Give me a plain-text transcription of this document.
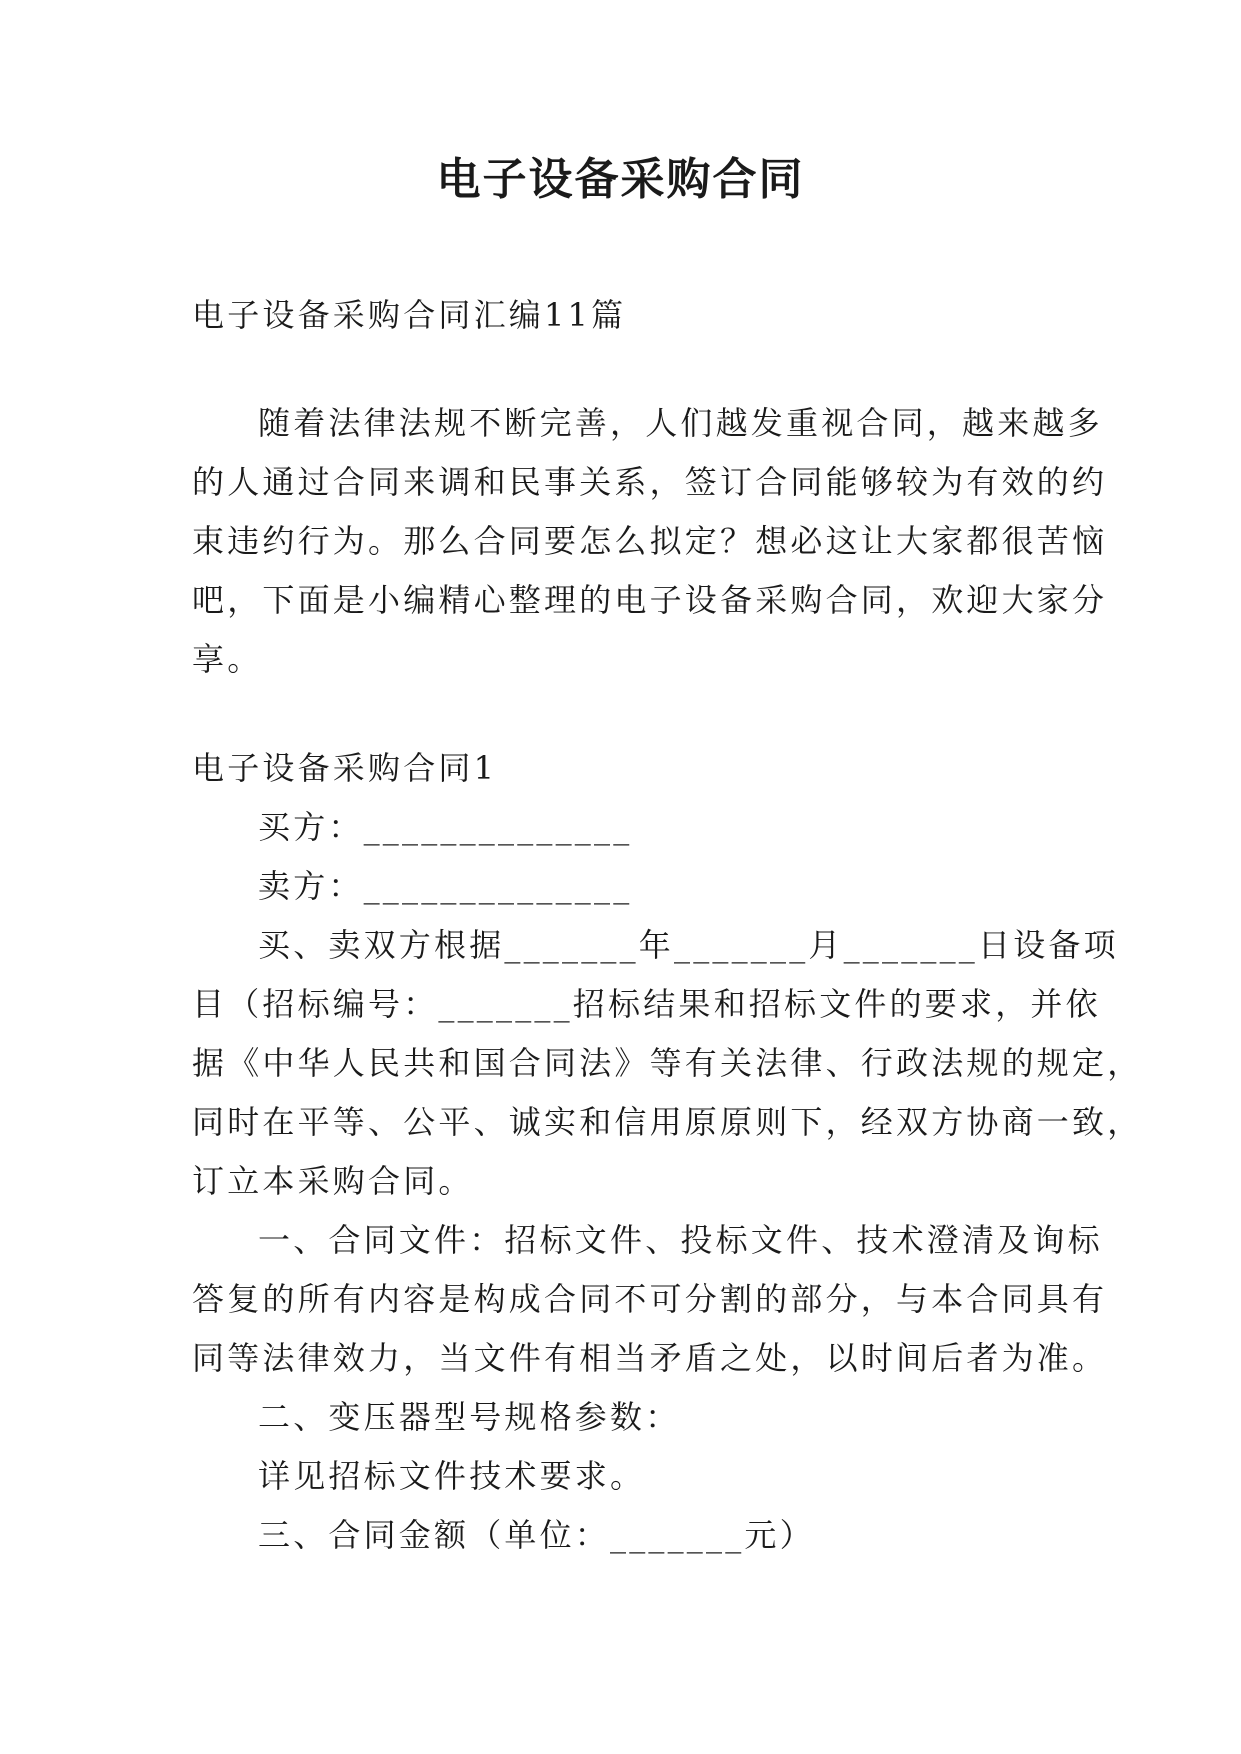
电子设备采购合同

电子设备采购合同汇编11篇

随着法律法规不断完善，人们越发重视合同，越来越多

的人通过合同来调和民事关系，签订合同能够较为有效的约

束违约行为。那么合同要怎么拟定？想必这让大家都很苦恼

吧，下面是小编精心整理的电子设备采购合同，欢迎大家分

享。

电子设备采购合同1

买方：______________

卖方：______________

买、卖双方根据_______年_______月_______日设备项

目（招标编号：_______招标结果和招标文件的要求，并依

据《中华人民共和国合同法》等有关法律、行政法规的规定，

同时在平等、公平、诚实和信用原原则下，经双方协商一致，

订立本采购合同。

一、合同文件：招标文件、投标文件、技术澄清及询标

答复的所有内容是构成合同不可分割的部分，与本合同具有

同等法律效力，当文件有相当矛盾之处，以时间后者为准。

二、变压器型号规格参数：

详见招标文件技术要求。

三、合同金额（单位：_______元）
